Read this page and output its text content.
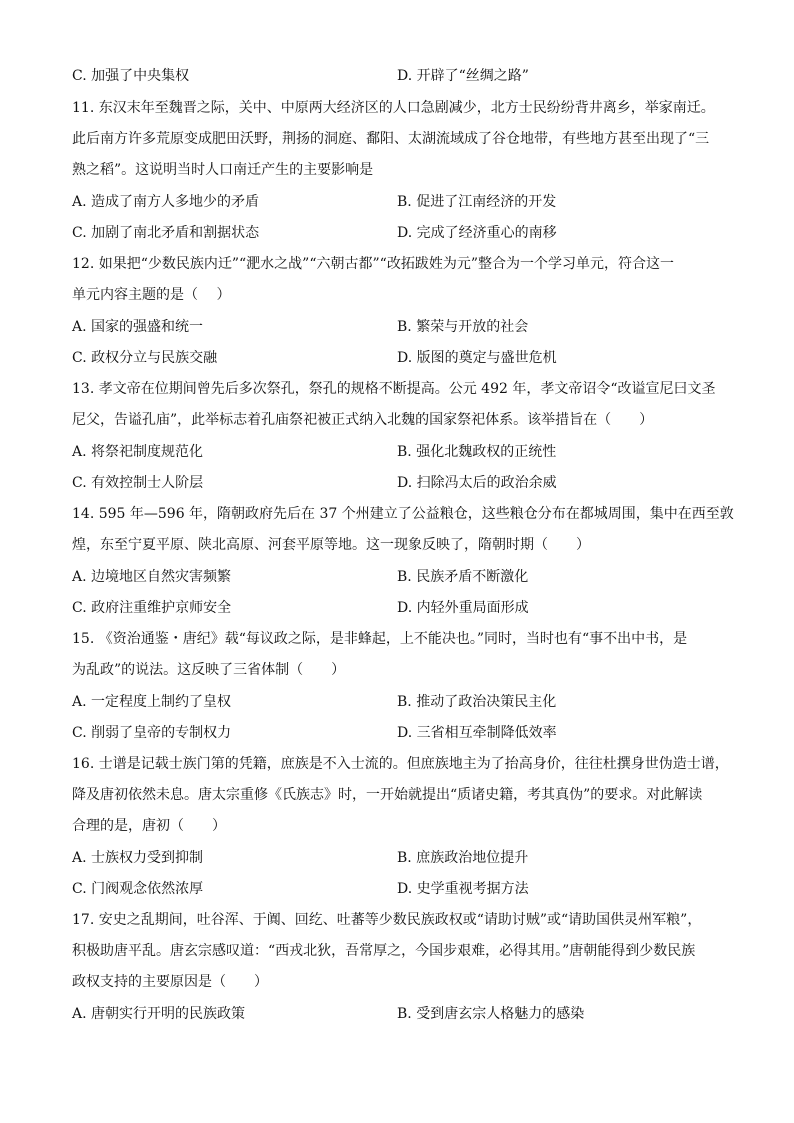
C. 加强了中央集权	D. 开辟了“丝绸之路”
11. 东汉末年至魏晋之际，关中、中原两大经济区的人口急剧减少，北方士民纷纷背井离乡，举家南迁。
此后南方许多荒原变成肥田沃野，荆扬的洞庭、鄱阳、太湖流域成了谷仓地带，有些地方甚至出现了“三
熟之稻”。这说明当时人口南迁产生的主要影响是
A. 造成了南方人多地少的矛盾	B. 促进了江南经济的开发
C. 加剧了南北矛盾和割据状态	D. 完成了经济重心的南移
12. 如果把“少数民族内迁”“淝水之战”“六朝古都”“改拓跋姓为元”整合为一个学习单元，符合这一
单元内容主题的是（　 ）
A. 国家的强盛和统一	B. 繁荣与开放的社会
C. 政权分立与民族交融	D. 版图的奠定与盛世危机
13. 孝文帝在位期间曾先后多次祭孔，祭孔的规格不断提高。公元 492 年，孝文帝诏令“改谥宣尼曰文圣
尼父，告谥孔庙”，此举标志着孔庙祭祀被正式纳入北魏的国家祭祀体系。该举措旨在（　　）
A. 将祭祀制度规范化	B. 强化北魏政权的正统性
C. 有效控制士人阶层	D. 扫除冯太后的政治余威
14. 595 年—596 年，隋朝政府先后在 37 个州建立了公益粮仓，这些粮仓分布在都城周围，集中在西至敦
煌，东至宁夏平原、陕北高原、河套平原等地。这一现象反映了，隋朝时期（　　）
A. 边境地区自然灾害频繁	B. 民族矛盾不断激化
C. 政府注重维护京师安全	D. 内轻外重局面形成
15. 《资治通鉴・唐纪》载“每议政之际，是非蜂起，上不能决也。”同时，当时也有“事不出中书，是
为乱政”的说法。这反映了三省体制（　　）
A. 一定程度上制约了皇权	B. 推动了政治决策民主化
C. 削弱了皇帝的专制权力	D. 三省相互牵制降低效率
16. 士谱是记载士族门第的凭籍，庶族是不入士流的。但庶族地主为了抬高身价，往往杜撰身世伪造士谱，
降及唐初依然未息。唐太宗重修《氏族志》时，一开始就提出“质诸史籍，考其真伪”的要求。对此解读
合理的是，唐初（　　）
A. 士族权力受到抑制	B. 庶族政治地位提升
C. 门阀观念依然浓厚	D. 史学重视考据方法
17. 安史之乱期间，吐谷浑、于阗、回纥、吐蕃等少数民族政权或“请助讨贼”或“请助国供灵州军粮”，
积极助唐平乱。唐玄宗感叹道：“西戎北狄，吾常厚之，今国步艰难，必得其用。”唐朝能得到少数民族
政权支持的主要原因是（　　）
A. 唐朝实行开明的民族政策	B. 受到唐玄宗人格魅力的感染
